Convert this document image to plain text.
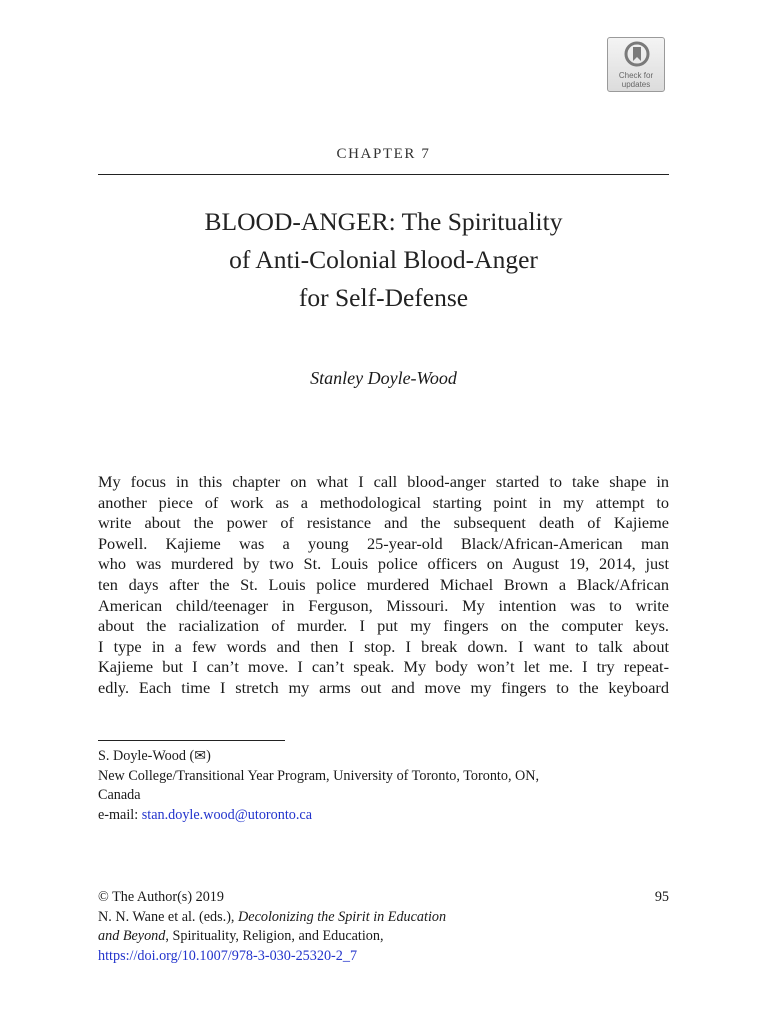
Check for
updates
CHAPTER 7
BLOOD-ANGER: The Spirituality
of Anti-Colonial Blood-Anger
for Self-Defense
Stanley Doyle-Wood
My focus in this chapter on what I call blood-anger started to take shape in
another piece of work as a methodological starting point in my attempt to
write about the power of resistance and the subsequent death of Kajieme
Powell. Kajieme was a young 25-year-old Black/African-American man
who was murdered by two St. Louis police officers on August 19, 2014, just
ten days after the St. Louis police murdered Michael Brown a Black/African
American child/teenager in Ferguson, Missouri. My intention was to write
about the racialization of murder. I put my fingers on the computer keys.
I type in a few words and then I stop. I break down. I want to talk about
Kajieme but I can’t move. I can’t speak. My body won’t let me. I try repeat-
edly. Each time I stretch my arms out and move my fingers to the keyboard
S. Doyle-Wood (✉)
New College/Transitional Year Program, University of Toronto, Toronto, ON,
Canada
e-mail: stan.doyle.wood@utoronto.ca
© The Author(s) 2019	95
N. N. Wane et al. (eds.), Decolonizing the Spirit in Education
and Beyond, Spirituality, Religion, and Education,
https://doi.org/10.1007/978-3-030-25320-2_7
